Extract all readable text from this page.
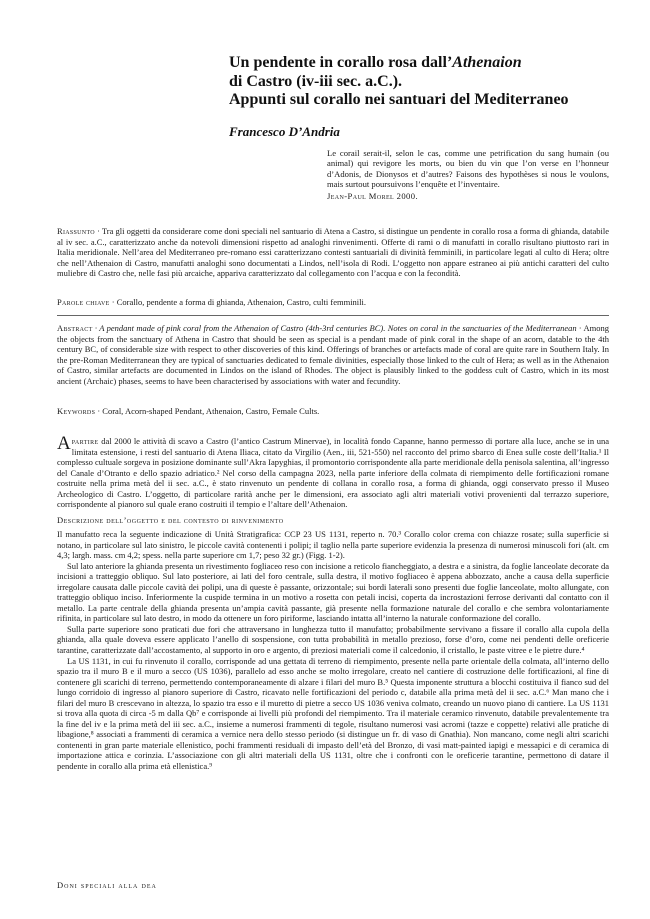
Un pendente in corallo rosa dall’Athenaion
di Castro (iv-iii sec. a.C.).
Appunti sul corallo nei santuari del Mediterraneo
Francesco D’Andria
Le corail serait-il, selon le cas, comme une petrification du sang humain (ou animal) qui revigore les morts, ou bien du vin que l’on verse en l’honneur d’Adonis, de Dionysos et d’autres? Faisons des hypothèses si nous le voulons, mais surtout poursuivons l’enquête et l’inventaire.
Jean-Paul Morel 2000.
Riassunto · Tra gli oggetti da considerare come doni speciali nel santuario di Atena a Castro, si distingue un pendente in corallo rosa a forma di ghianda, databile al iv sec. a.C., caratterizzato anche da notevoli dimensioni rispetto ad analoghi rinvenimenti. Offerte di rami o di manufatti in corallo risultano piuttosto rari in Italia meridionale. Nell’area del Mediterraneo pre-romano essi caratterizzano contesti santuariali di divinità femminili, in particolare legati al culto di Hera; oltre che nell’Athenaion di Castro, manufatti analoghi sono documentati a Lindos, nell’isola di Rodi. L’oggetto non appare estraneo ai più antichi caratteri del culto muliebre di Castro che, nelle fasi più arcaiche, appariva caratterizzato dal collegamento con l’acqua e con la fecondità.
Parole chiave · Corallo, pendente a forma di ghianda, Athenaion, Castro, culti femminili.
Abstract · A pendant made of pink coral from the Athenaion of Castro (4th-3rd centuries BC). Notes on coral in the sanctuaries of the Mediterranean · Among the objects from the sanctuary of Athena in Castro that should be seen as special is a pendant made of pink coral in the shape of an acorn, datable to the 4th century BC, of considerable size with respect to other discoveries of this kind. Offerings of branches or artefacts made of coral are quite rare in Southern Italy. In the pre-Roman Mediterranean they are typical of sanctuaries dedicated to female divinities, especially those linked to the cult of Hera; as well as in the Athenaion of Castro, similar artefacts are documented in Lindos on the island of Rhodes. The object is plausibly linked to the goddess cult of Castro, which in its most ancient (Archaic) phases, seems to have been characterised by associations with water and fecundity.
Keywords · Coral, Acorn-shaped Pendant, Athenaion, Castro, Female Cults.
A partire dal 2000 le attività di scavo a Castro (l’antico Castrum Minervae), in località fondo Capanne, hanno permesso di portare alla luce, anche se in una limitata estensione, i resti del santuario di Atena Iliaca, citato da Virgilio (Aen., iii, 521-550) nel racconto del primo sbarco di Enea sulle coste dell’Italia.¹ Il complesso cultuale sorgeva in posizione dominante sull’Akra Iapyghias, il promontorio corrispondente alla parte meridionale della penisola salentina, all’ingresso del Canale d’Otranto e dello spazio adriatico.² Nel corso della campagna 2023, nella parte inferiore della colmata di riempimento delle fortificazioni romane costruite nella prima metà del ii sec. a.C., è stato rinvenuto un pendente di collana in corallo rosa, a forma di ghianda, oggi conservato presso il Museo Archeologico di Castro. L’oggetto, di particolare rarità anche per le dimensioni, era associato agli altri materiali votivi provenienti dal terrazzo superiore, corrispondente al pianoro sul quale erano costruiti il tempio e l’altare dell’Athenaion.
Descrizione dell’oggetto e del contesto di rinvenimento

Il manufatto reca la seguente indicazione di Unità Stratigrafica: CCP 23 US 1131, reperto n. 70.³ Corallo color crema con chiazze rosate; sulla superficie si notano, in particolare sul lato sinistro, le piccole cavità contenenti i polipi; il taglio nella parte superiore evidenzia la presenza di numerosi minuscoli fori (alt. cm 4,3; largh. mass. cm 4,2; spess. nella parte superiore cm 1,7; peso 32 gr.) (Figg. 1-2).

Sul lato anteriore la ghianda presenta un rivestimento fogliaceo reso con incisione a reticolo fiancheggiato, a destra e a sinistra, da foglie lanceolate decorate da incisioni a tratteggio obliquo. Sul lato posteriore, ai lati del foro centrale, sulla destra, il motivo fogliaceo è appena abbozzato, anche a causa della superficie irregolare causata dalle piccole cavità dei polipi, una di queste è passante, orizzontale; sui bordi laterali sono presenti due foglie lanceolate, molto allungate, con tratteggio obliquo inciso. Inferiormente la cuspide termina in un motivo a rosetta con petali incisi, coperta da incrostazioni ferrose derivanti dal contatto con il metallo. La parte centrale della ghianda presenta un’ampia cavità passante, già presente nella formazione naturale del corallo e che sembra volontariamente rifinita, in particolare sul lato destro, in modo da ottenere un foro piriforme, lasciando intatta all’interno la naturale conformazione del corallo.

Sulla parte superiore sono praticati due fori che attraversano in lunghezza tutto il manufatto; probabilmente servivano a fissare il corallo alla cupola della ghianda, alla quale doveva essere applicato l’anello di sospensione, con tutta probabilità in metallo prezioso, forse d’oro, come nei pendenti delle oreficerie tarantine, caratterizzate dall’accostamento, al supporto in oro e argento, di preziosi materiali come il calcedonio, il cristallo, le paste vitree e le pietre dure.⁴

La US 1131, in cui fu rinvenuto il corallo, corrisponde ad una gettata di terreno di riempimento, presente nella parte orientale della colmata, all’interno dello spazio tra il muro B e il muro a secco (US 1036), parallelo ad esso anche se molto irregolare, creato nel cantiere di costruzione delle fortificazioni, al fine di contenere gli scarichi di terreno, permettendo contemporaneamente di alzare i filari del muro B.⁵ Questa imponente struttura a blocchi costituiva il fianco sud del lungo corridoio di ingresso al pianoro superiore di Castro, ricavato nelle fortificazioni del periodo c, databile alla prima metà del ii sec. a.C.⁶ Man mano che i filari del muro B crescevano in altezza, lo spazio tra esso e il muretto di pietre a secco US 1036 veniva colmato, creando un nuovo piano di cantiere. La US 1131 si trova alla quota di circa -5 m dalla Qb⁷ e corrisponde ai livelli più profondi del riempimento. Tra il materiale ceramico rinvenuto, databile prevalentemente tra la fine del iv e la prima metà del iii sec. a.C., insieme a numerosi frammenti di tegole, risultano numerosi vasi acromi (tazze e coppette) relativi alle pratiche di libagione,⁸ associati a frammenti di ceramica a vernice nera dello stesso periodo (si distingue un fr. di vaso di Gnathia). Non mancano, come negli altri scarichi contenenti in gran parte materiale ellenistico, pochi frammenti residuali di impasto dell’età del Bronzo, di vasi matt-painted iapigi e messapici e di ceramica di importazione attica e corinzia. L’associazione con gli altri materiali della US 1131, oltre che i confronti con le oreficerie tarantine, permettono di datare il pendente in corallo alla prima età ellenistica.⁹

Doni speciali alla dea
